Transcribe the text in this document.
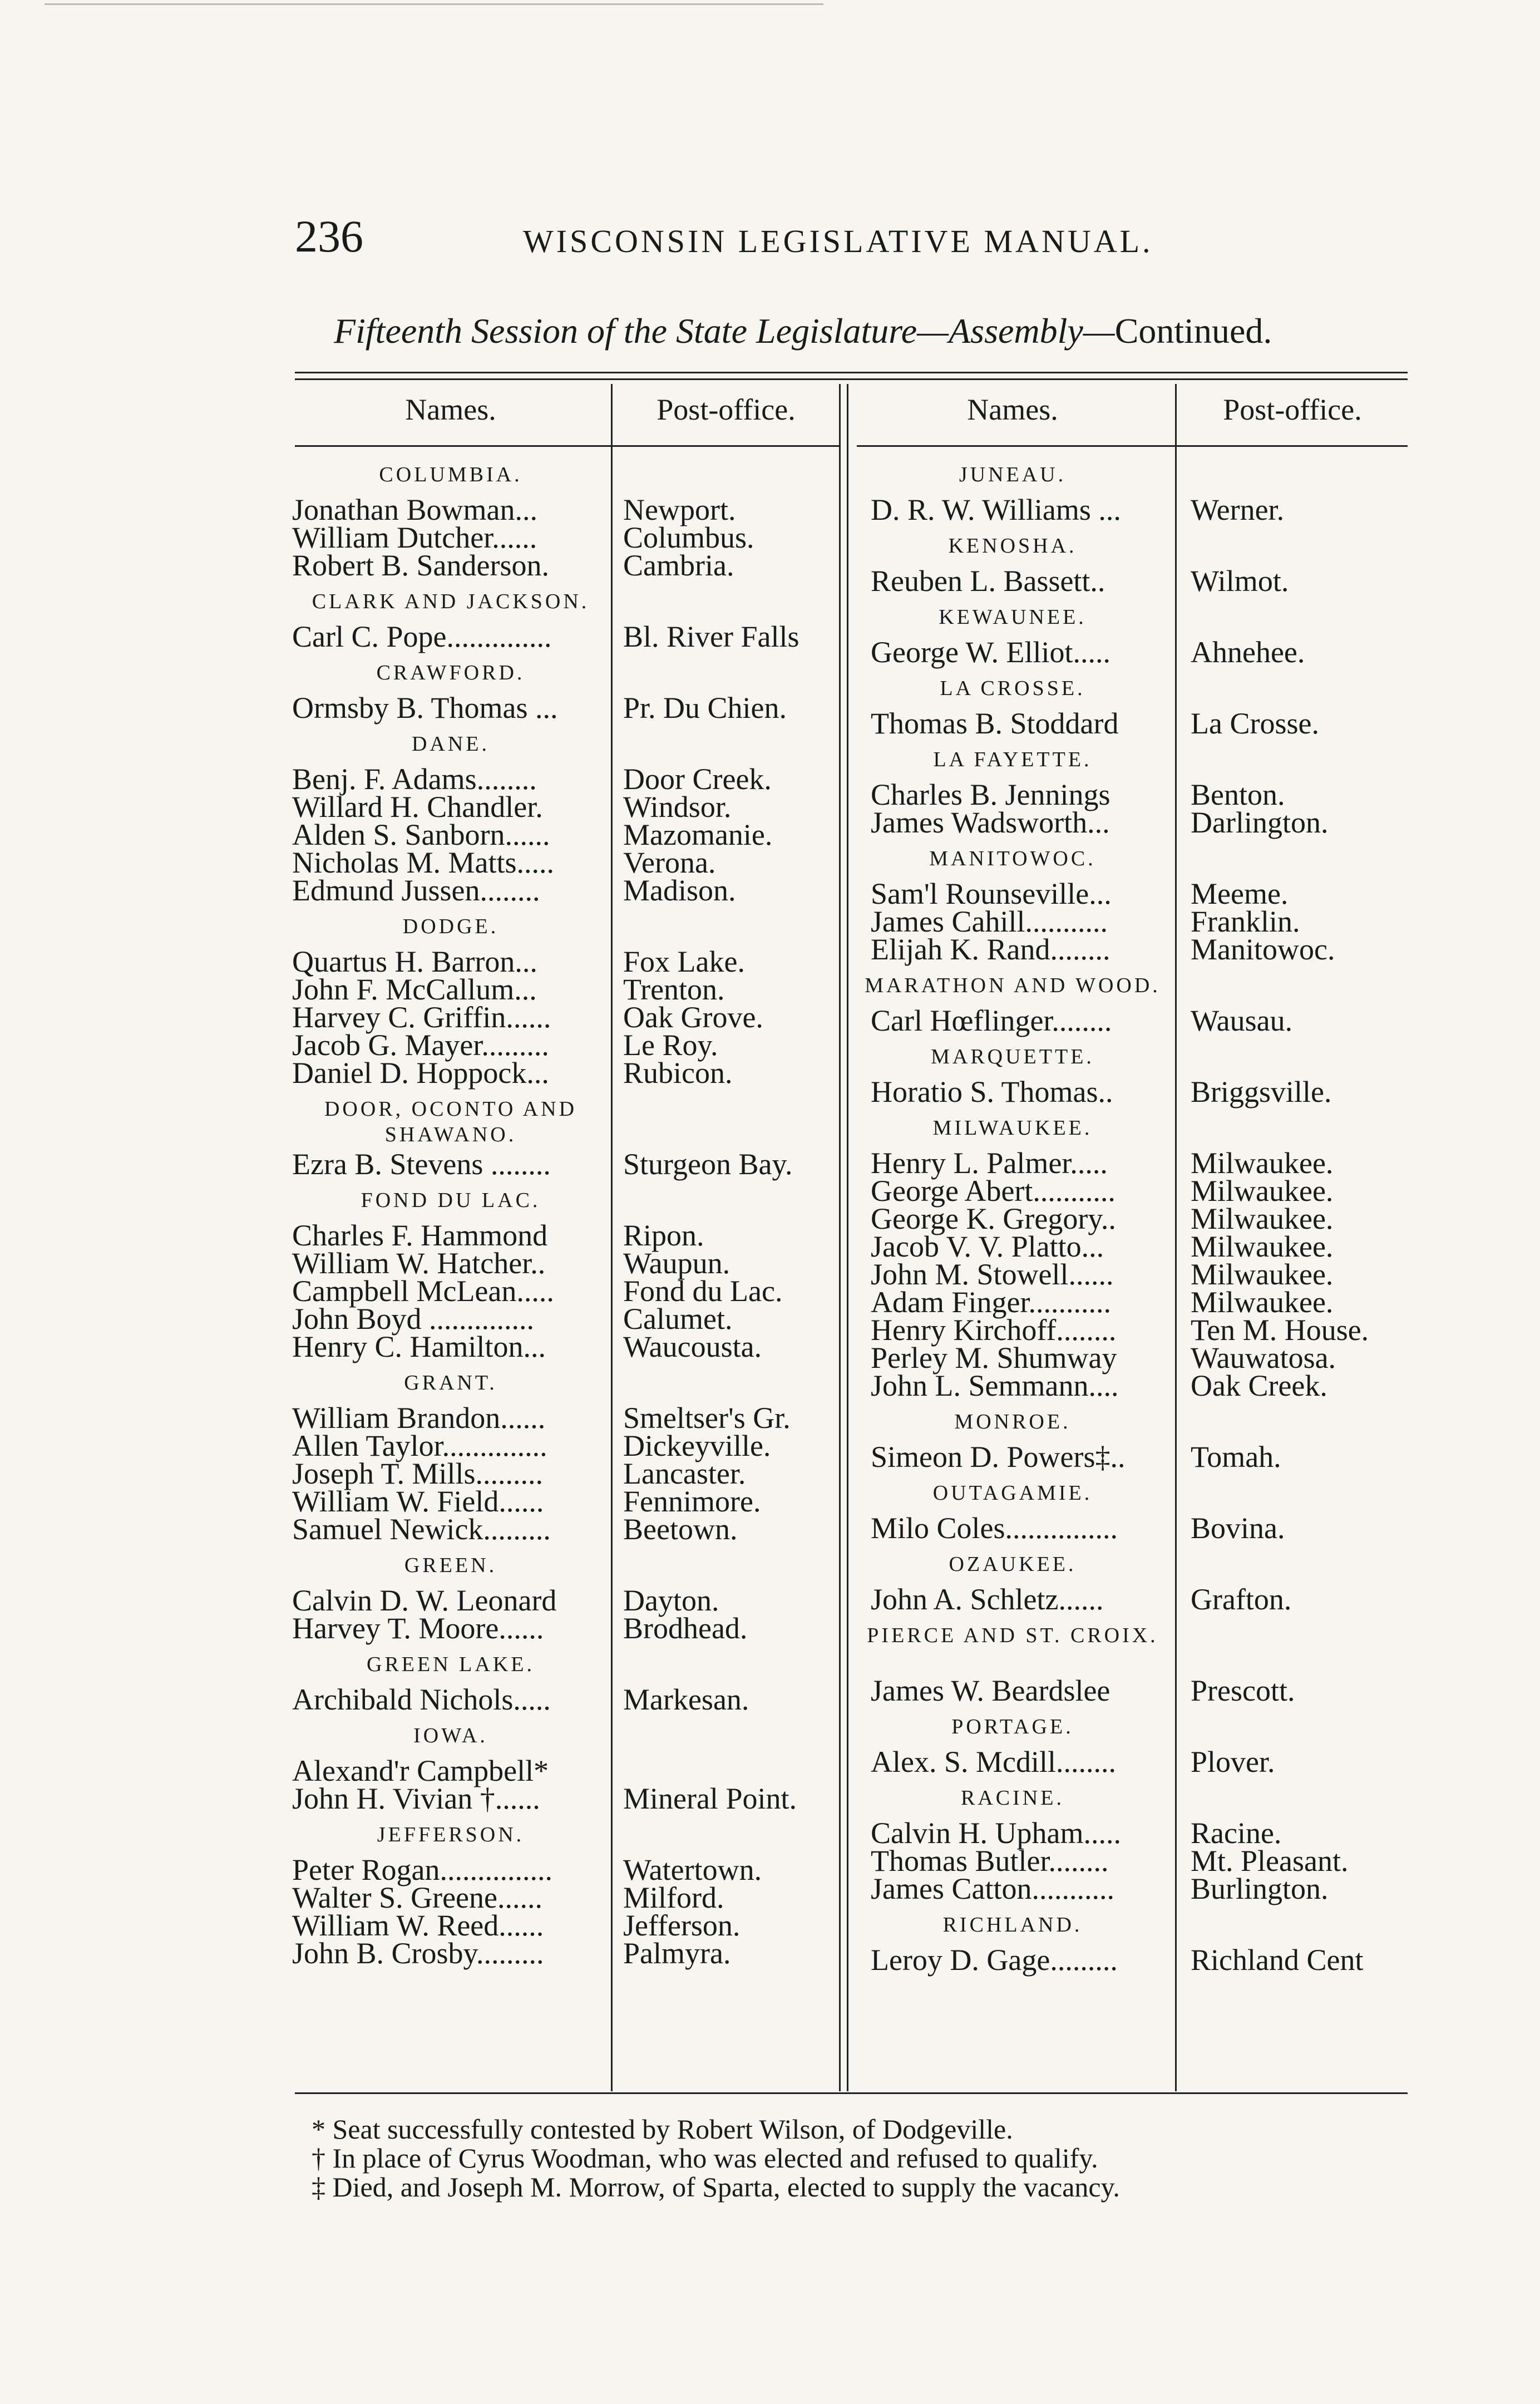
236	WISCONSIN LEGISLATIVE MANUAL.
Fifteenth Session of the State Legislature—Assembly—Continued.
Names.	Post-office.	Names.	Post-office.
COLUMBIA.
Jonathan Bowman...	Newport.
William Dutcher......	Columbus.
Robert B. Sanderson. Cambria.
CLARK AND JACKSON.
Carl C. Pope.............. Bl. River Falls
CRAWFORD.
Ormsby B. Thomas ... Pr. Du Chien.
DANE.
Benj. F. Adams........	Door Creek.
Willard H. Chandler.	Windsor.
Alden S. Sanborn...... Mazomanie.
Nicholas M. Matts..... Verona.
Edmund Jussen........	Madison.
DODGE.
Quartus H. Barron...	Fox Lake.
John F. McCallum...	Trenton.
Harvey C. Griffin...... Oak Grove.
Jacob G. Mayer......... Le Roy.
Daniel D. Hoppock... Rubicon.
DOOR, OCONTO AND SHAWANO.
Ezra B. Stevens ........ Sturgeon Bay.
FOND DU LAC.
Charles F. Hammond	Ripon.
William W. Hatcher..	Waupun.
Campbell McLean..... Fond du Lac.
John Boyd ..............	Calumet.
Henry C. Hamilton...	Waucousta.
GRANT.
William Brandon......	Smeltser's Gr.
Allen Taylor..............	Dickeyville.
Joseph T. Mills.........	Lancaster.
William W. Field......	Fennimore.
Samuel Newick......... Beetown.
GREEN.
Calvin D. W. Leonard Dayton.
Harvey T. Moore......	Brodhead.
GREEN LAKE.
Archibald Nichols..... Markesan.
IOWA.
Alexand'r Campbell*
John H. Vivian †......	Mineral Point.
JEFFERSON.
Peter Rogan............... Watertown.
Walter S. Greene......	Milford.
William W. Reed......	Jefferson.
John B. Crosby.........	Palmyra.
JUNEAU.
D. R. W. Williams ... Werner.
KENOSHA.
Reuben L. Bassett..	Wilmot.
KEWAUNEE.
George W. Elliot.....	Ahnehee.
LA CROSSE.
Thomas B. Stoddard La Crosse.
LA FAYETTE.
Charles B. Jennings	Benton.
James Wadsworth...	Darlington.
MANITOWOC.
Sam'l Rounseville...	Meeme.
James Cahill...........	Franklin.
Elijah K. Rand........	Manitowoc.
MARATHON AND WOOD.
Carl Hœflinger........	Wausau.
MARQUETTE.
Horatio S. Thomas..	Briggsville.
MILWAUKEE.
Henry L. Palmer.....	Milwaukee.
George Abert...........	Milwaukee.
George K. Gregory.. Milwaukee.
Jacob V. V. Platto...	Milwaukee.
John M. Stowell......	Milwaukee.
Adam Finger...........	Milwaukee.
Henry Kirchoff........ Ten M. House.
Perley M. Shumway Wauwatosa.
John L. Semmann.... Oak Creek.
MONROE.
Simeon D. Powers‡.. Tomah.
OUTAGAMIE.
Milo Coles............... Bovina.
OZAUKEE.
John A. Schletz......	Grafton.
PIERCE AND ST. CROIX.
James W. Beardslee	Prescott.
PORTAGE.
Alex. S. Mcdill........ Plover.
RACINE.
Calvin H. Upham..... Racine.
Thomas Butler........	Mt. Pleasant.
James Catton...........	Burlington.
RICHLAND.
Leroy D. Gage......... Richland Cent
* Seat successfully contested by Robert Wilson, of Dodgeville.
† In place of Cyrus Woodman, who was elected and refused to qualify.
‡ Died, and Joseph M. Morrow, of Sparta, elected to supply the vacancy.
